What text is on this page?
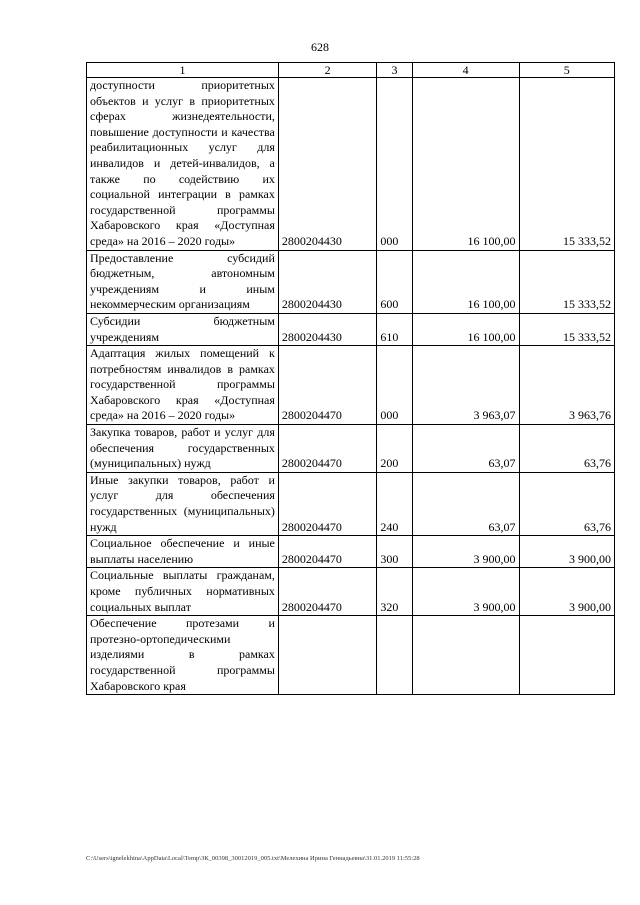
628
1	2	3	4	5
доступности приоритетных объектов и услуг в приоритетных сферах жизнедеятельности, повышение доступности и качества реабилитационных услуг для инвалидов и детей-инвалидов, а также по содействию их социальной интеграции в рамках государственной программы Хабаровского края «Доступная среда» на 2016 – 2020 годы»	2800204430	000	16 100,00	15 333,52
Предоставление субсидий бюджетным, автономным учреждениям и иным некоммерческим организациям	2800204430	600	16 100,00	15 333,52
Субсидии бюджетным учреждениям	2800204430	610	16 100,00	15 333,52
Адаптация жилых помещений к потребностям инвалидов в рамках государственной программы Хабаровского края «Доступная среда» на 2016 – 2020 годы»	2800204470	000	3 963,07	3 963,76
Закупка товаров, работ и услуг для обеспечения государственных (муниципальных) нужд	2800204470	200	63,07	63,76
Иные закупки товаров, работ и услуг для обеспечения государственных (муниципальных) нужд	2800204470	240	63,07	63,76
Социальное обеспечение и иные выплаты населению	2800204470	300	3 900,00	3 900,00
Социальные выплаты гражданам, кроме публичных нормативных социальных выплат	2800204470	320	3 900,00	3 900,00
Обеспечение протезами и протезно-ортопедическими изделиями в рамках государственной программы Хабаровского края				
C:\Users\ignelekhina\AppData\Local\Temp\ЗК_00398_30012019_005.txt\Мелехина Ирина Геннадьевна\31.01.2019 11:55:28
